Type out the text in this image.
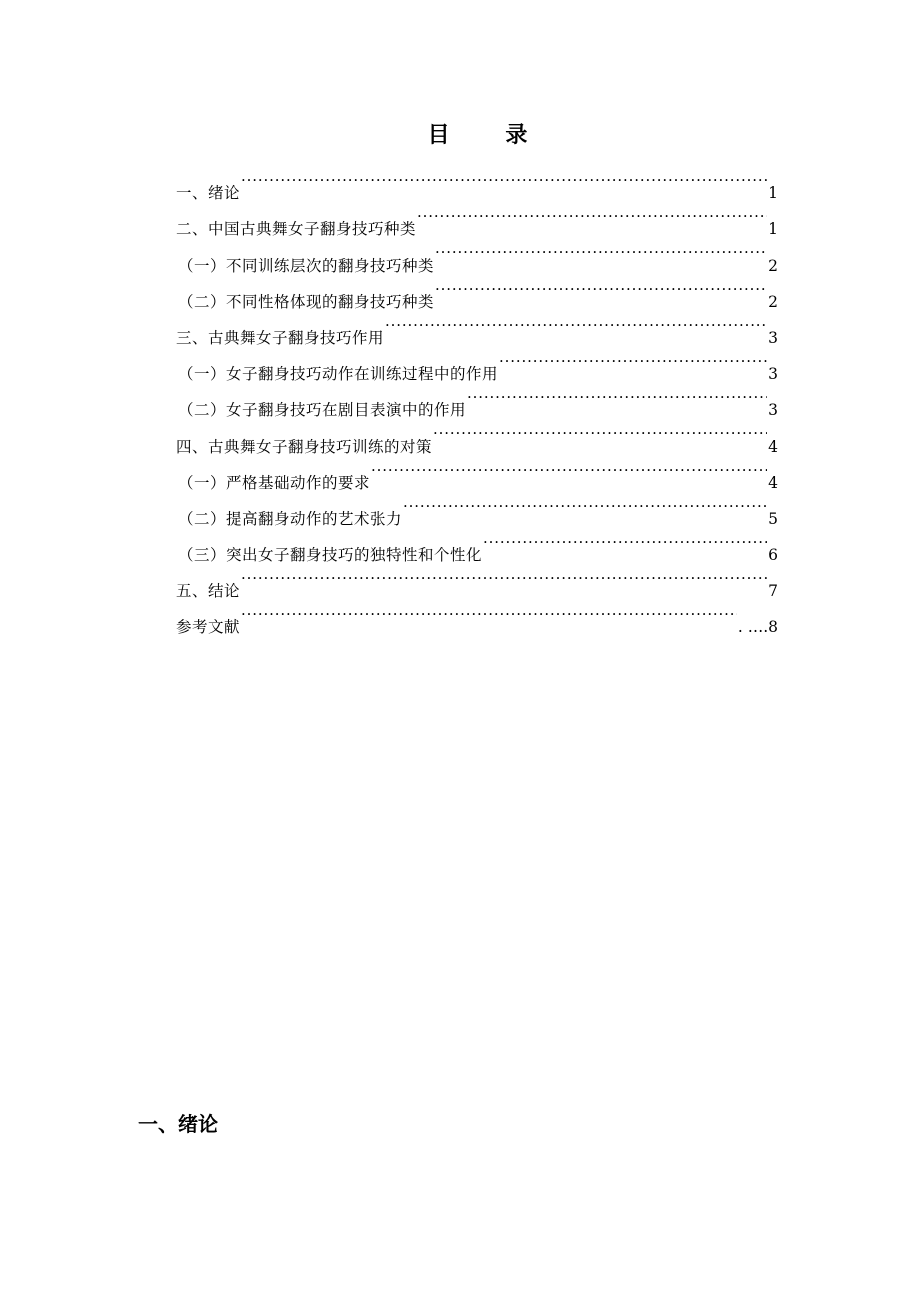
目 录
一、绪论 ·····	1
二、中国古典舞女子翻身技巧种类 ·····	1
（一）不同训练层次的翻身技巧种类 ·····	2
（二）不同性格体现的翻身技巧种类 ·····	2
三、古典舞女子翻身技巧作用 ·····	3
（一）女子翻身技巧动作在训练过程中的作用 ·····	3
（二）女子翻身技巧在剧目表演中的作用 ·····	3
四、古典舞女子翻身技巧训练的对策 ·····	4
（一）严格基础动作的要求 ·····	4
（二）提高翻身动作的艺术张力 ·····	5
（三）突出女子翻身技巧的独特性和个性化 ·····	6
五、结论 ·····	7
参考文献 ·····	. ….8
一、绪论
